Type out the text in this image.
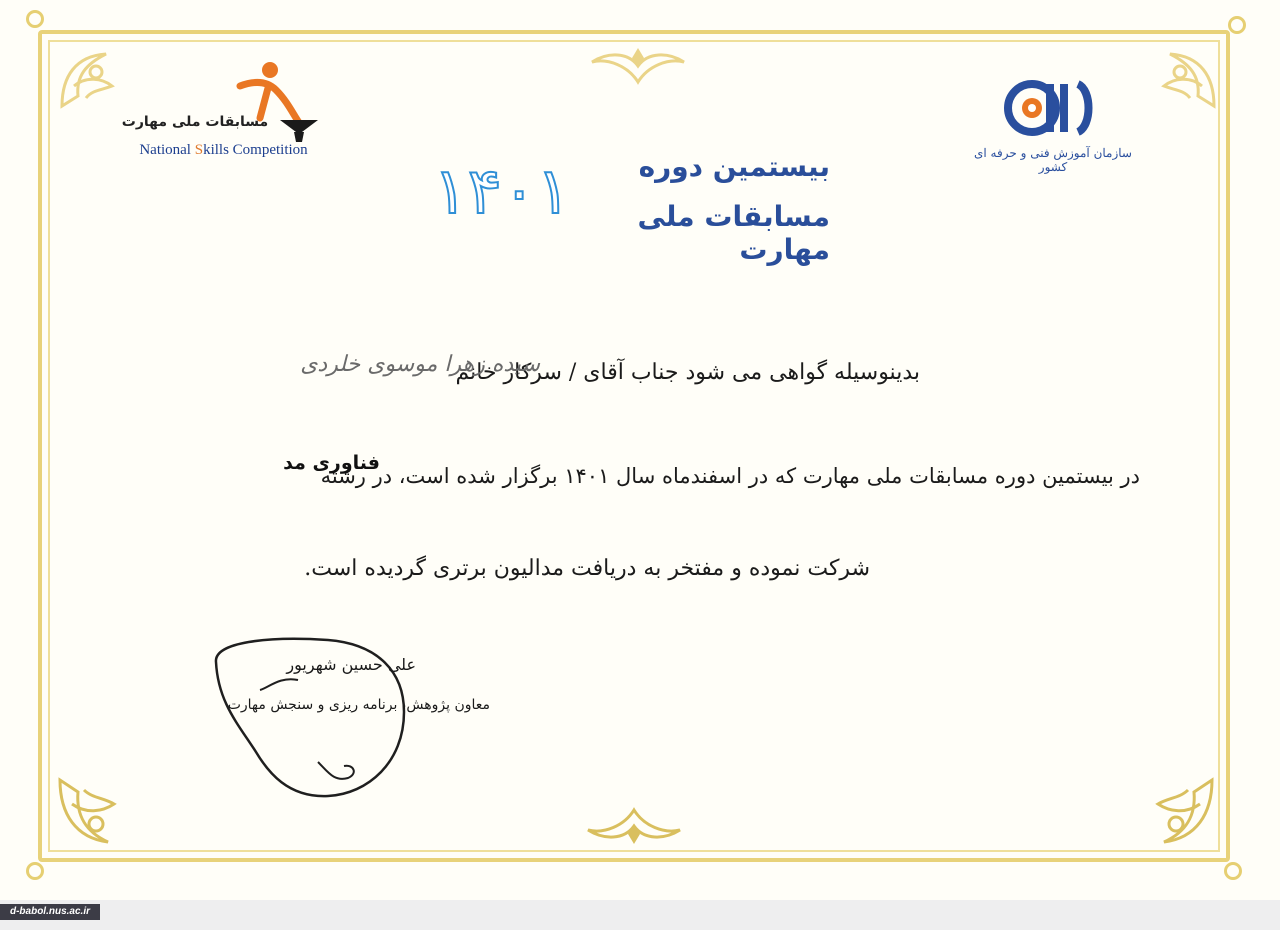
سازمان آموزش فنی و حرفه ای کشور
مسابقات ملی مهارت
National Skills Competition
۱۴۰۱	بیستمین دوره
مسابقات ملی مهارت
بدینوسیله گواهی می شود جناب آقای / سرکار خانم
سیده زهرا موسوی خلردی
در بیستمین دوره مسابقات ملی مهارت که در اسفندماه سال ۱۴۰۱ برگزار شده است، در رشته
فناوری مد
شرکت نموده و مفتخر به دریافت مدالیون برتری گردیده است.
علی حسین شهریور
معاون پژوهش، برنامه ریزی و سنجش مهارت
d-babol.nus.ac.ir
